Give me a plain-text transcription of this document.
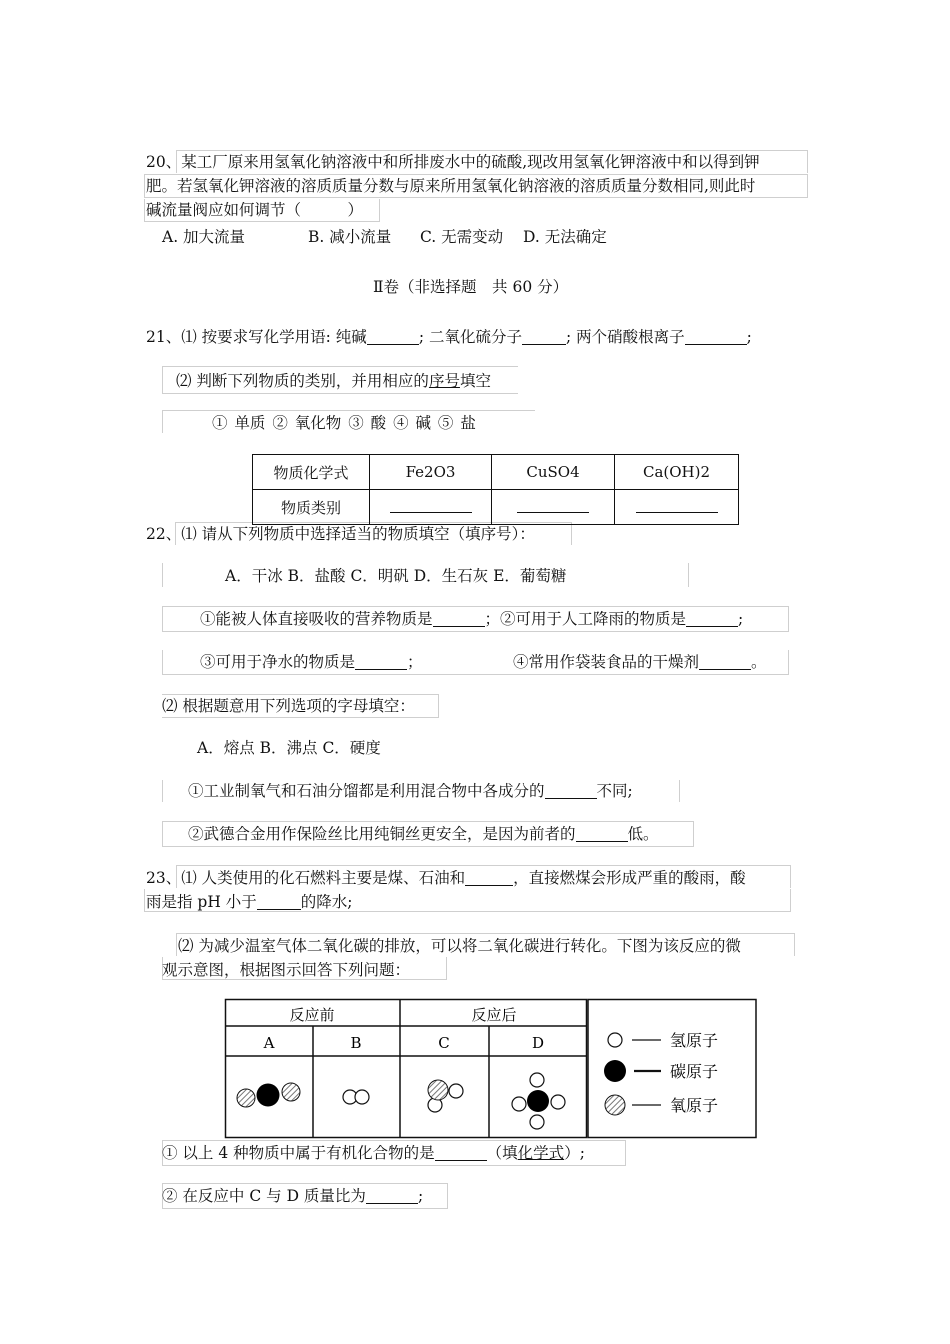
20、某工厂原来用氢氧化钠溶液中和所排废水中的硫酸,现改用氢氧化钾溶液中和以得到钾
肥。若氢氧化钾溶液的溶质质量分数与原来所用氢氧化钠溶液的溶质质量分数相同,则此时
碱流量阀应如何调节（　　　）
A. 加大流量	B. 减小流量 C. 无需变动 D. 无法确定
Ⅱ卷（非选择题　共 60 分）
21、⑴ 按要求写化学用语: 纯碱	; 二氧化硫分子	; 两个硝酸根离子	;
⑵ 判断下列物质的类别，并用相应的序号填空
① 单质 ② 氧化物 ③ 酸 ④ 碱 ⑤ 盐
物质化学式	Fe2O3	CuSO4	Ca(OH)2
物质类别			
22、⑴ 请从下列物质中选择适当的物质填空（填序号）：
A．干冰 B．盐酸 C．明矾 D．生石灰 E．葡萄糖
①能被人体直接吸收的营养物质是	；②可用于人工降雨的物质是	;
③可用于净水的物质是	；	④常用作袋装食品的干燥剂	。
⑵ 根据题意用下列选项的字母填空：
A．熔点 B．沸点 C．硬度
①工业制氧气和石油分馏都是利用混合物中各成分的	不同;
②武德合金用作保险丝比用纯铜丝更安全，是因为前者的	低。
23、⑴ 人类使用的化石燃料主要是煤、石油和	，直接燃煤会形成严重的酸雨，酸
雨是指 pH 小于	的降水;
⑵ 为减少温室气体二氧化碳的排放，可以将二氧化碳进行转化。下图为该反应的微
观示意图，根据图示回答下列问题：
反应前	反应后
A	B	C	D	氢原子
碳原子
氧原子
① 以上 4 种物质中属于有机化合物的是	（填化学式）;
② 在反应中 C 与 D 质量比为	;
